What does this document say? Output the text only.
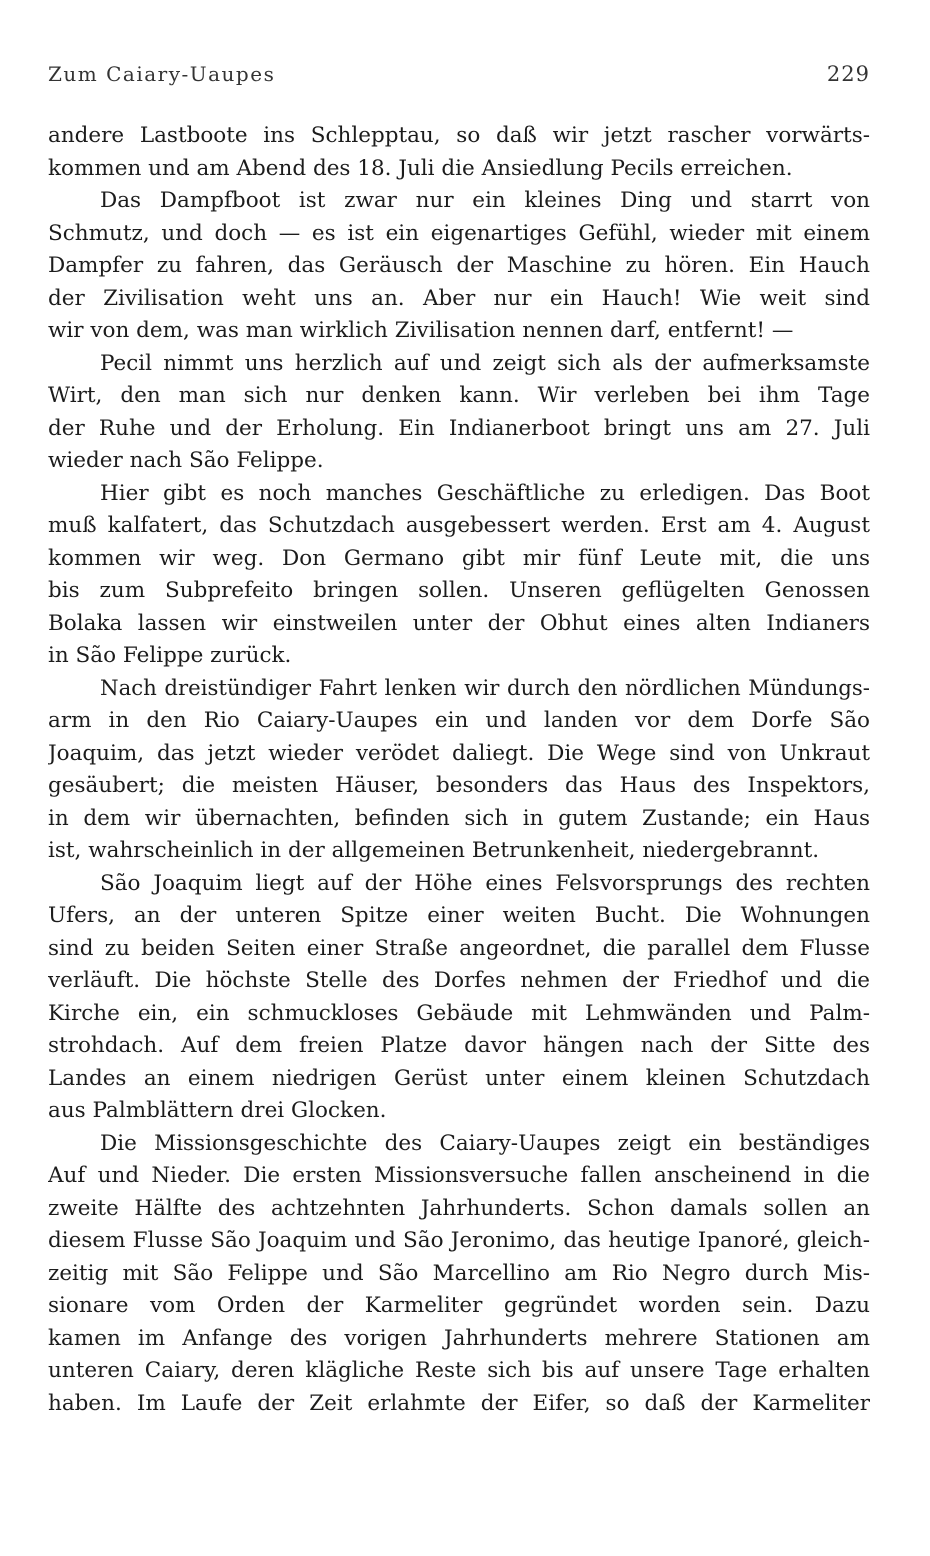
Zum Caiary-Uaupes	229
andere Lastboote ins Schlepptau, so daß wir jetzt rascher vorwärts-
kommen und am Abend des 18. Juli die Ansiedlung Pecils erreichen.
Das Dampfboot ist zwar nur ein kleines Ding und starrt von
Schmutz, und doch — es ist ein eigenartiges Gefühl, wieder mit einem
Dampfer zu fahren, das Geräusch der Maschine zu hören. Ein Hauch
der Zivilisation weht uns an. Aber nur ein Hauch! Wie weit sind
wir von dem, was man wirklich Zivilisation nennen darf, entfernt! —
Pecil nimmt uns herzlich auf und zeigt sich als der aufmerksamste
Wirt, den man sich nur denken kann. Wir verleben bei ihm Tage
der Ruhe und der Erholung. Ein Indianerboot bringt uns am 27. Juli
wieder nach São Felippe.
Hier gibt es noch manches Geschäftliche zu erledigen. Das Boot
muß kalfatert, das Schutzdach ausgebessert werden. Erst am 4. August
kommen wir weg. Don Germano gibt mir fünf Leute mit, die uns
bis zum Subprefeito bringen sollen. Unseren geflügelten Genossen
Bolaka lassen wir einstweilen unter der Obhut eines alten Indianers
in São Felippe zurück.
Nach dreistündiger Fahrt lenken wir durch den nördlichen Mündungs-
arm in den Rio Caiary-Uaupes ein und landen vor dem Dorfe São
Joaquim, das jetzt wieder verödet daliegt. Die Wege sind von Unkraut
gesäubert; die meisten Häuser, besonders das Haus des Inspektors,
in dem wir übernachten, befinden sich in gutem Zustande; ein Haus
ist, wahrscheinlich in der allgemeinen Betrunkenheit, niedergebrannt.
São Joaquim liegt auf der Höhe eines Felsvorsprungs des rechten
Ufers, an der unteren Spitze einer weiten Bucht. Die Wohnungen
sind zu beiden Seiten einer Straße angeordnet, die parallel dem Flusse
verläuft. Die höchste Stelle des Dorfes nehmen der Friedhof und die
Kirche ein, ein schmuckloses Gebäude mit Lehmwänden und Palm-
strohdach. Auf dem freien Platze davor hängen nach der Sitte des
Landes an einem niedrigen Gerüst unter einem kleinen Schutzdach
aus Palmblättern drei Glocken.
Die Missionsgeschichte des Caiary-Uaupes zeigt ein beständiges
Auf und Nieder. Die ersten Missionsversuche fallen anscheinend in die
zweite Hälfte des achtzehnten Jahrhunderts. Schon damals sollen an
diesem Flusse São Joaquim und São Jeronimo, das heutige Ipanoré, gleich-
zeitig mit São Felippe und São Marcellino am Rio Negro durch Mis-
sionare vom Orden der Karmeliter gegründet worden sein. Dazu
kamen im Anfange des vorigen Jahrhunderts mehrere Stationen am
unteren Caiary, deren klägliche Reste sich bis auf unsere Tage erhalten
haben. Im Laufe der Zeit erlahmte der Eifer, so daß der Karmeliter
